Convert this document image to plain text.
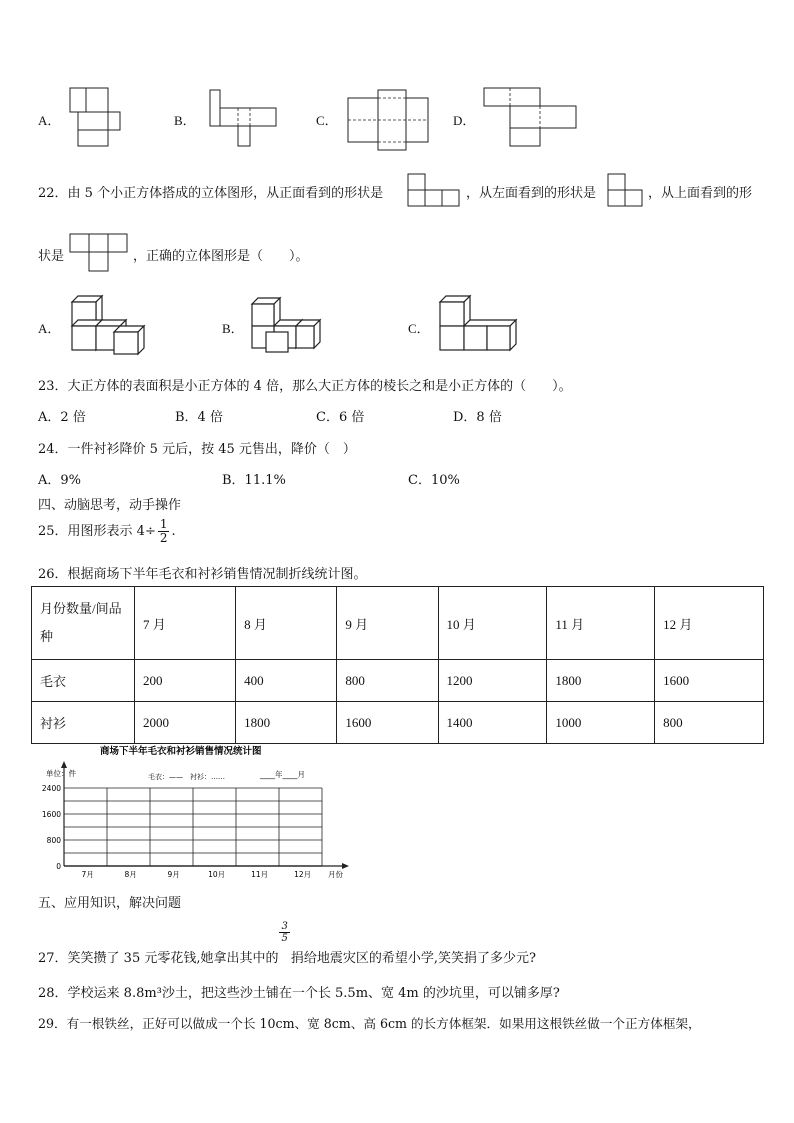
A．	B．	C．	D．
22．由 5 个小正方体搭成的立体图形，从正面看到的形状是	，从左面看到的形状是	，从上面看到的形
状是	，正确的立体图形是（　　）。
A．	B．	C．
23．大正方体的表面积是小正方体的 4 倍，那么大正方体的棱长之和是小正方体的（　　）。
A．2 倍	B．4 倍	C．6 倍	D．8 倍
24．一件衬衫降价 5 元后，按 45 元售出，降价（　）
A．9%	B．11.1%	C．10%
四、动脑思考，动手操作
25．用图形表示 $4\div \frac{1}{2}$ .
26．根据商场下半年毛衣和衬衫销售情况制折线统计图。
月份数量/间品种	7 月	8 月	9 月	10 月	11 月	12 月
毛衣	200	400	800	1200	1800	1600
衬衫	2000	1800	1600	1400	1000	800
商场下半年毛衣和衬衫销售情况统计图
单位：件	毛衣：——　衬衫：……	____年____月
0
800
1600
2400
7月	8月	9月	10月	11月	12月 月份
五、应用知识，解决问题
27．笑笑攒了 35 元零花钱,她拿出其中的
$\frac{3}{5}$
捐给地震灾区的希望小学,笑笑捐了多少元?
28．学校运来 8.8m³沙土，把这些沙土铺在一个长 5.5m、宽 4m 的沙坑里，可以铺多厚?
29．有一根铁丝，正好可以做成一个长 10cm、宽 8cm、高 6cm 的长方体框架．如果用这根铁丝做一个正方体框架，
